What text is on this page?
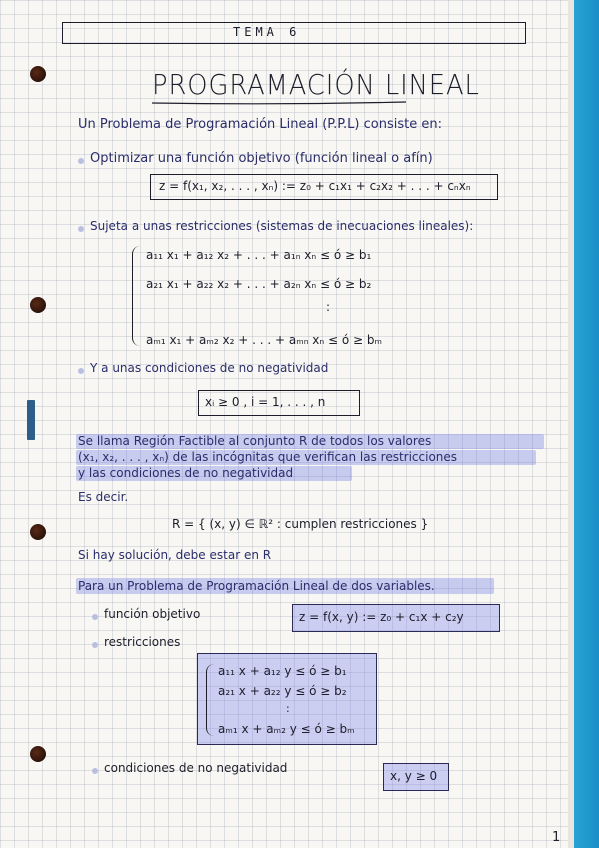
TEMA 6
PROGRAMACIÓN LINEAL
Un Problema de Programación Lineal (P.P.L) consiste en:
Optimizar una función objetivo (función lineal o afín)
z = f(x₁, x₂, . . . , xₙ) := z₀ + c₁x₁ + c₂x₂ + . . . + cₙxₙ
Sujeta a unas restricciones (sistemas de inecuaciones lineales):
a₁₁ x₁ + a₁₂ x₂ + . . . + a₁ₙ xₙ ≤ ó ≥ b₁
a₂₁ x₁ + a₂₂ x₂ + . . . + a₂ₙ xₙ ≤ ó ≥ b₂
:
aₘ₁ x₁ + aₘ₂ x₂ + . . . + aₘₙ xₙ ≤ ó ≥ bₘ
Y a unas condiciones de no negatividad
xᵢ ≥ 0 , i = 1, . . . , n
Se llama Región Factible al conjunto R de todos los valores
(x₁, x₂, . . . , xₙ) de las incógnitas que verifican las restricciones
y las condiciones de no negatividad
Es decir.
R = { (x, y) ∈ ℝ² : cumplen restricciones }
Si hay solución, debe estar en R
Para un Problema de Programación Lineal de dos variables.
función objetivo	z = f(x, y) := z₀ + c₁x + c₂y
restricciones
a₁₁ x + a₁₂ y ≤ ó ≥ b₁
a₂₁ x + a₂₂ y ≤ ó ≥ b₂
:
aₘ₁ x + aₘ₂ y ≤ ó ≥ bₘ
condiciones de no negatividad
x, y ≥ 0
1
